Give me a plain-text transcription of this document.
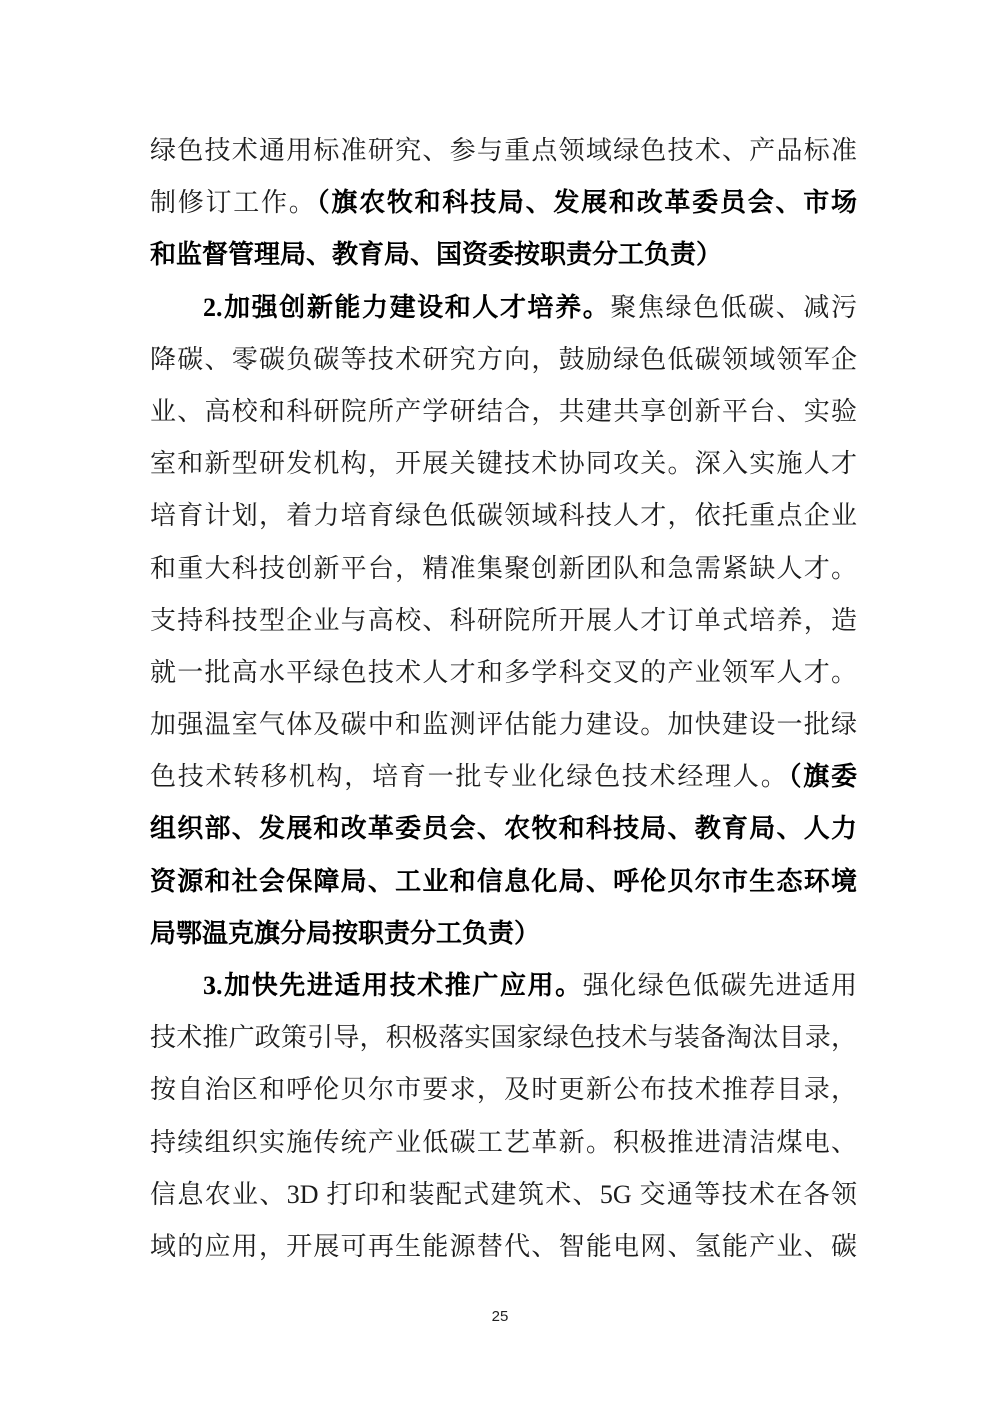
绿色技术通用标准研究、参与重点领域绿色技术、产品标准
制修订工作。（旗农牧和科技局、发展和改革委员会、市场
和监督管理局、教育局、国资委按职责分工负责）
2.加强创新能力建设和人才培养。聚焦绿色低碳、减污
降碳、零碳负碳等技术研究方向，鼓励绿色低碳领域领军企
业、高校和科研院所产学研结合，共建共享创新平台、实验
室和新型研发机构，开展关键技术协同攻关。深入实施人才
培育计划，着力培育绿色低碳领域科技人才，依托重点企业
和重大科技创新平台，精准集聚创新团队和急需紧缺人才。
支持科技型企业与高校、科研院所开展人才订单式培养，造
就一批高水平绿色技术人才和多学科交叉的产业领军人才。
加强温室气体及碳中和监测评估能力建设。加快建设一批绿
色技术转移机构，培育一批专业化绿色技术经理人。（旗委
组织部、发展和改革委员会、农牧和科技局、教育局、人力
资源和社会保障局、工业和信息化局、呼伦贝尔市生态环境
局鄂温克旗分局按职责分工负责）
3.加快先进适用技术推广应用。强化绿色低碳先进适用
技术推广政策引导，积极落实国家绿色技术与装备淘汰目录，
按自治区和呼伦贝尔市要求，及时更新公布技术推荐目录，
持续组织实施传统产业低碳工艺革新。积极推进清洁煤电、
信息农业、3D 打印和装配式建筑术、5G 交通等技术在各领
域的应用，开展可再生能源替代、智能电网、氢能产业、碳
25
